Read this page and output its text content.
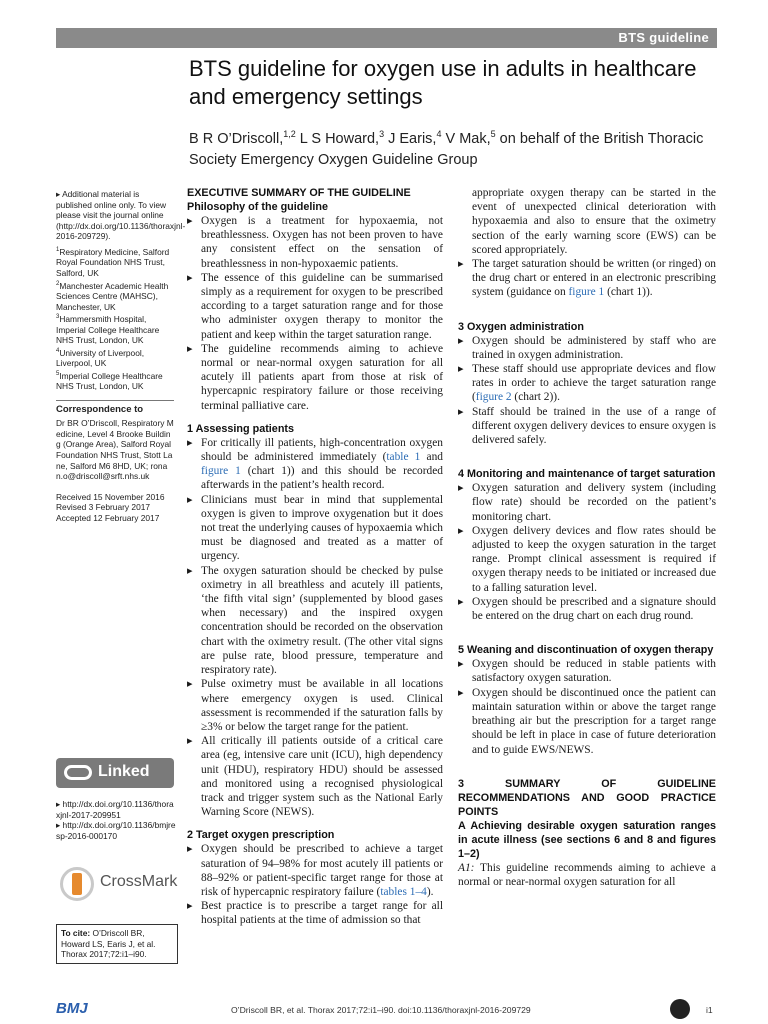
BTS guideline
BTS guideline for oxygen use in adults in healthcare and emergency settings
B R O’Driscoll,$^{1,2}$ L S Howard,$^3$ J Earis,$^4$ V Mak,$^5$ on behalf of the British Thoracic Society Emergency Oxygen Guideline Group

▸ Additional material is published online only. To view please visit the journal online (http://dx.doi.org/10.1136/thoraxjnl-2016-209729).

$^1$Respiratory Medicine, Salford Royal Foundation NHS Trust, Salford, UK

$^2$Manchester Academic Health Sciences Centre (MAHSC), Manchester, UK

$^3$Hammersmith Hospital, Imperial College Healthcare NHS Trust, London, UK

$^4$University of Liverpool, Liverpool, UK

$^5$Imperial College Healthcare NHS Trust, London, UK

Correspondence to

Dr BR O’Driscoll, Respiratory Medicine, Level 4 Brooke Building (Orange Area), Salford Royal Foundation NHS Trust, Stott Lane, Salford M6 8HD, UK; ronan.o@driscoll@srft.nhs.uk

Received 15 November 2016

Revised 3 February 2017

Accepted 12 February 2017

Linked

▸ http://dx.doi.org/10.1136/thoraxjnl-2017-209951

▸ http://dx.doi.org/10.1136/bmjresp-2016-000170

CrossMark
To cite: O’Driscoll BR, Howard LS, Earis J, et al. Thorax 2017;72:i1–i90.

EXECUTIVE SUMMARY OF THE GUIDELINE

Philosophy of the guideline

▸ Oxygen is a treatment for hypoxaemia, not breathlessness. Oxygen has not been proven to have any consistent effect on the sensation of breathlessness in non-hypoxaemic patients.
▸ The essence of this guideline can be summarised simply as a requirement for oxygen to be prescribed according to a target saturation range and for those who administer oxygen therapy to monitor the patient and keep within the target saturation range.
▸ The guideline recommends aiming to achieve normal or near-normal oxygen saturation for all acutely ill patients apart from those at risk of hypercapnic respiratory failure or those receiving terminal palliative care.

1 Assessing patients

▸ For critically ill patients, high-concentration oxygen should be administered immediately (table 1 and figure 1 (chart 1)) and this should be recorded afterwards in the patient’s health record.
▸ Clinicians must bear in mind that supplemental oxygen is given to improve oxygenation but it does not treat the underlying causes of hypoxaemia which must be diagnosed and treated as a matter of urgency.
▸ The oxygen saturation should be checked by pulse oximetry in all breathless and acutely ill patients, ‘the fifth vital sign’ (supplemented by blood gases when necessary) and the inspired oxygen concentration should be recorded on the observation chart with the oximetry result. (The other vital signs are pulse rate, blood pressure, temperature and respiratory rate).
▸ Pulse oximetry must be available in all locations where emergency oxygen is used. Clinical assessment is recommended if the saturation falls by ≥3% or below the target range for the patient.
▸ All critically ill patients outside of a critical care area (eg, intensive care unit (ICU), high dependency unit (HDU), respiratory HDU) should be assessed and monitored using a recognised physiological track and trigger system such as the National Early Warning Score (NEWS).

2 Target oxygen prescription

▸ Oxygen should be prescribed to achieve a target saturation of 94–98% for most acutely ill patients or 88–92% or patient-specific target range for those at risk of hypercapnic respiratory failure (tables 1–4).
▸ Best practice is to prescribe a target range for all hospital patients at the time of admission so that

appropriate oxygen therapy can be started in the event of unexpected clinical deterioration with hypoxaemia and also to ensure that the oximetry section of the early warning score (EWS) can be scored appropriately.

▸ The target saturation should be written (or ringed) on the drug chart or entered in an electronic prescribing system (guidance on figure 1 (chart 1)).

3 Oxygen administration

▸ Oxygen should be administered by staff who are trained in oxygen administration.
▸ These staff should use appropriate devices and flow rates in order to achieve the target saturation range (figure 2 (chart 2)).
▸ Staff should be trained in the use of a range of different oxygen delivery devices to ensure oxygen is delivered safely.

4 Monitoring and maintenance of target saturation

▸ Oxygen saturation and delivery system (including flow rate) should be recorded on the patient’s monitoring chart.
▸ Oxygen delivery devices and flow rates should be adjusted to keep the oxygen saturation in the target range. Prompt clinical assessment is required if oxygen therapy needs to be initiated or increased due to a falling saturation level.
▸ Oxygen should be prescribed and a signature should be entered on the drug chart on each drug round.

5 Weaning and discontinuation of oxygen therapy

▸ Oxygen should be reduced in stable patients with satisfactory oxygen saturation.
▸ Oxygen should be discontinued once the patient can maintain saturation within or above the target range breathing air but the prescription for a target range should be left in place in case of future deterioration and to guide EWS/NEWS.

3 SUMMARY OF GUIDELINE RECOMMENDATIONS AND GOOD PRACTICE POINTS

A Achieving desirable oxygen saturation ranges in acute illness (see sections 6 and 8 and figures 1–2)

A1: This guideline recommends aiming to achieve a normal or near-normal oxygen saturation for all

BMJ	O’Driscoll BR, et al. Thorax 2017;72:i1–i90. doi:10.1136/thoraxjnl-2016-209729	i1
